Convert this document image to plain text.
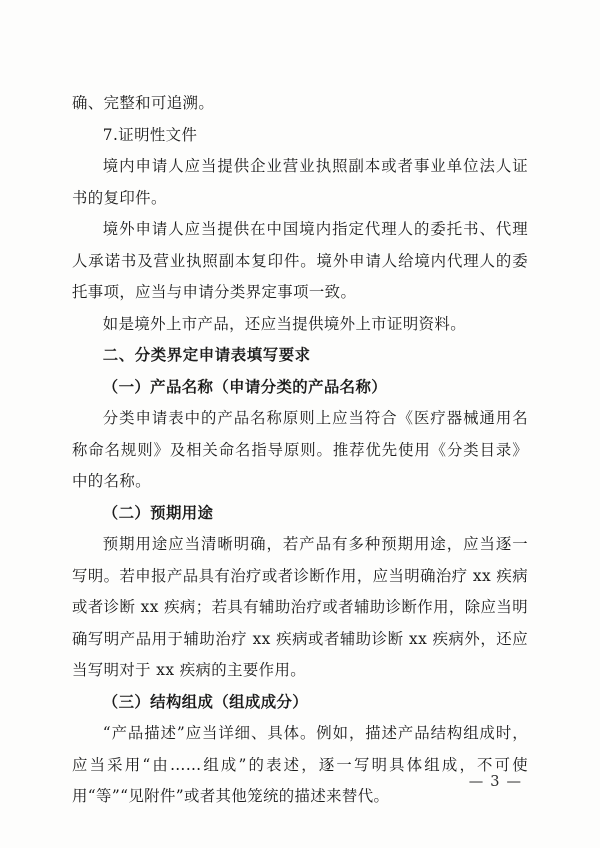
确、完整和可追溯。

7.证明性文件

境内申请人应当提供企业营业执照副本或者事业单位法人证书的复印件。

境外申请人应当提供在中国境内指定代理人的委托书、代理人承诺书及营业执照副本复印件。境外申请人给境内代理人的委托事项，应当与申请分类界定事项一致。

如是境外上市产品，还应当提供境外上市证明资料。

二、分类界定申请表填写要求

（一）产品名称（申请分类的产品名称）

分类申请表中的产品名称原则上应当符合《医疗器械通用名称命名规则》及相关命名指导原则。推荐优先使用《分类目录》中的名称。

（二）预期用途

预期用途应当清晰明确，若产品有多种预期用途，应当逐一写明。若申报产品具有治疗或者诊断作用，应当明确治疗 xx 疾病或者诊断 xx 疾病；若具有辅助治疗或者辅助诊断作用，除应当明确写明产品用于辅助治疗 xx 疾病或者辅助诊断 xx 疾病外，还应当写明对于 xx 疾病的主要作用。

（三）结构组成（组成成分）

“产品描述”应当详细、具体。例如，描述产品结构组成时，应当采用“由……组成”的表述，逐一写明具体组成，不可使用“等”“见附件”或者其他笼统的描述来替代。

— 3 —
